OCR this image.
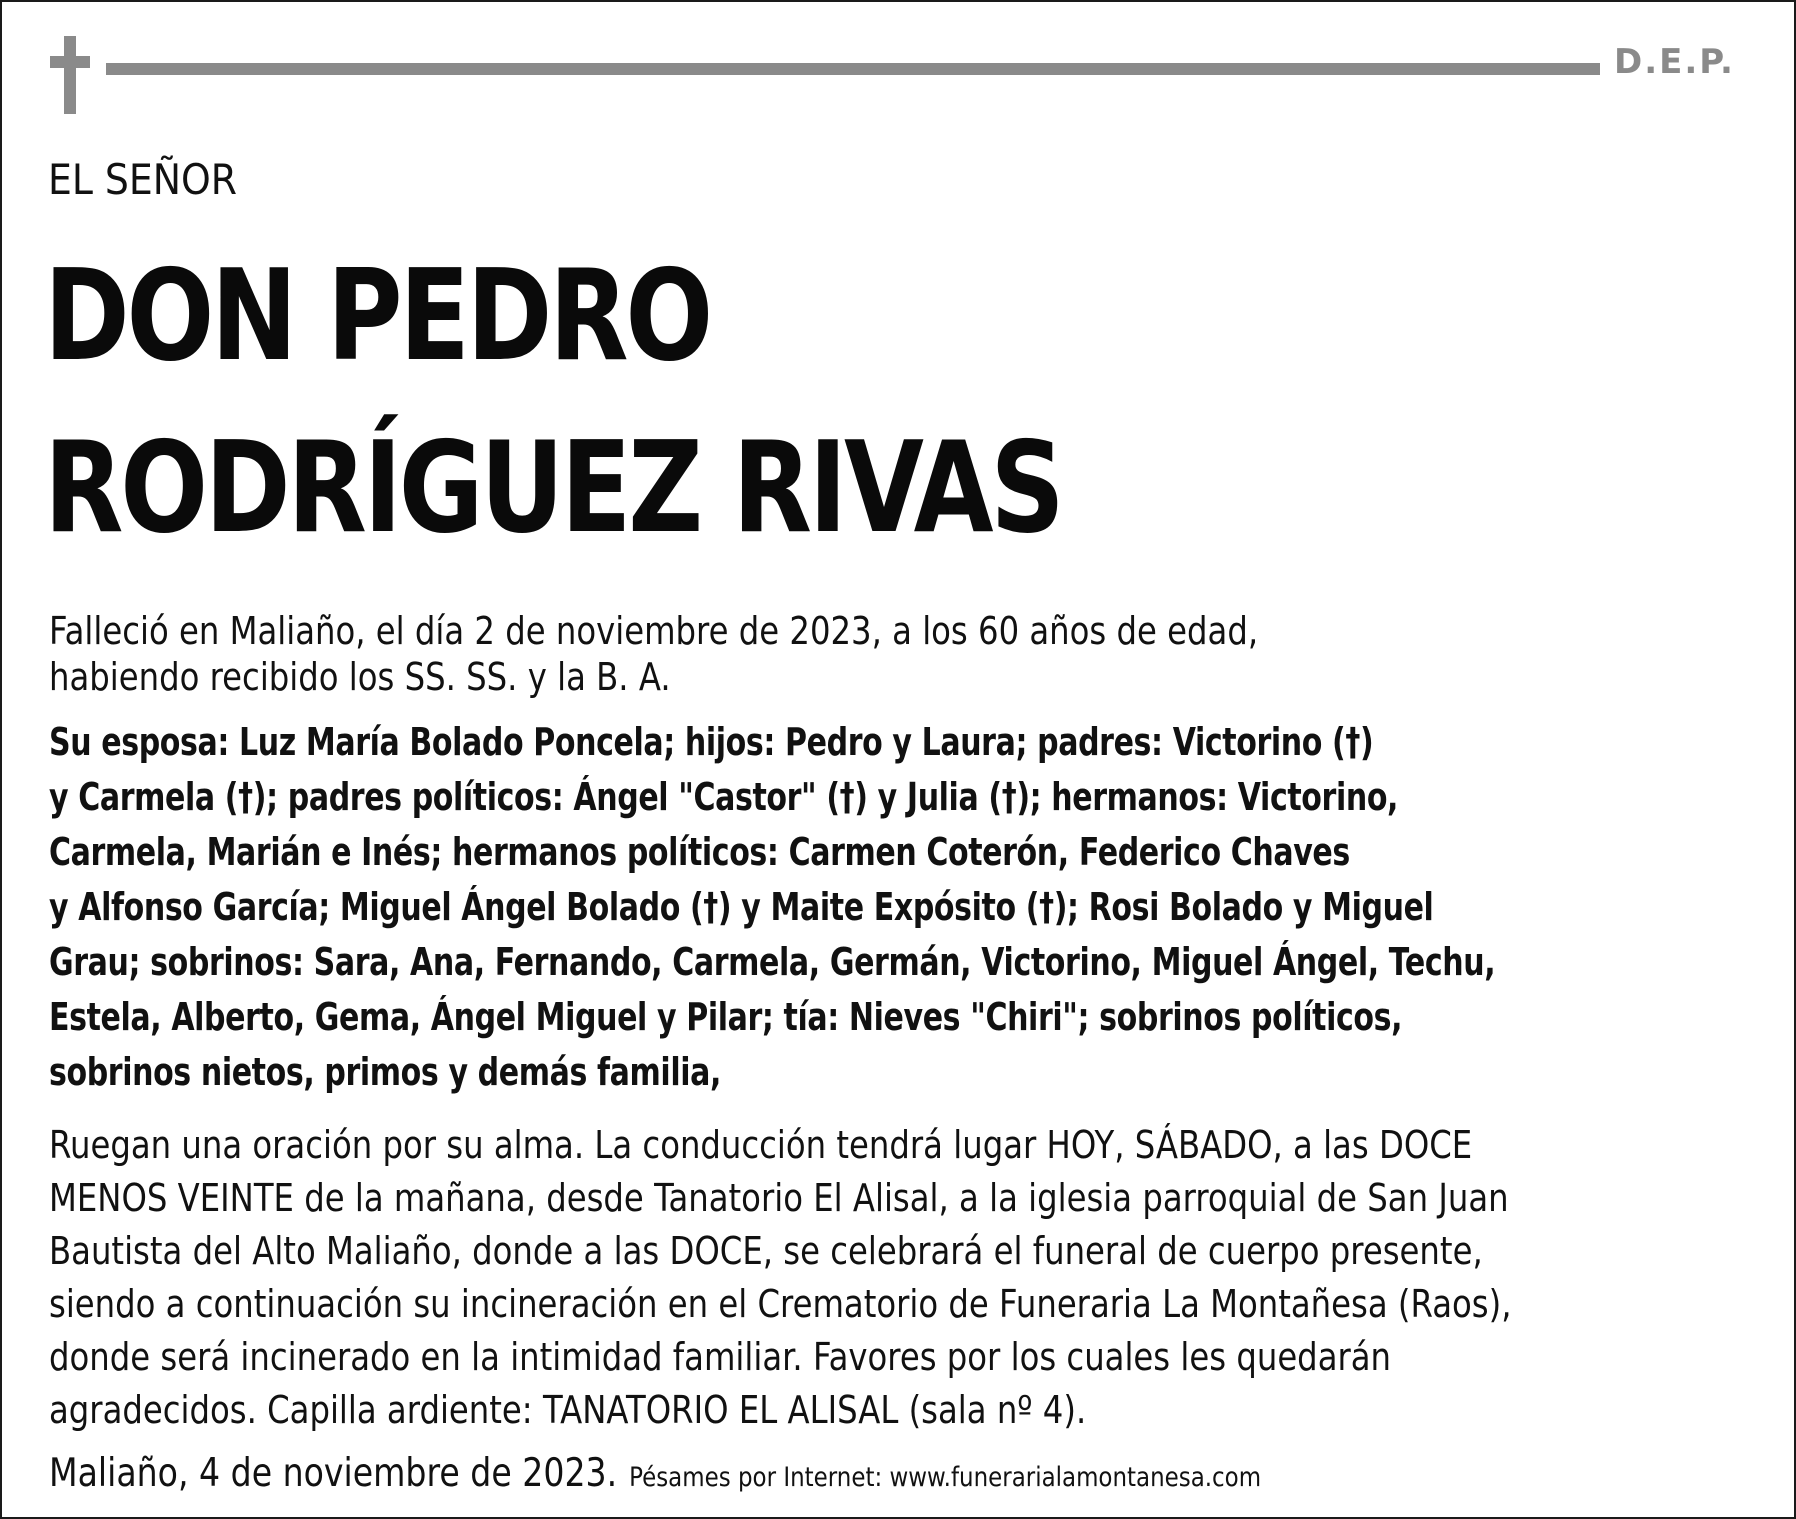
D.E.P.
EL SEÑOR
DON PEDRO
RODRÍGUEZ RIVAS
Falleció en Maliaño, el día 2 de noviembre de 2023, a los 60 años de edad,
habiendo recibido los SS. SS. y la B. A.
Su esposa: Luz María Bolado Poncela; hijos: Pedro y Laura; padres: Victorino (†)
y Carmela (†); padres políticos: Ángel "Castor" (†) y Julia (†); hermanos: Victorino,
Carmela, Marián e Inés; hermanos políticos: Carmen Coterón, Federico Chaves
y Alfonso García; Miguel Ángel Bolado (†) y Maite Expósito (†); Rosi Bolado y Miguel
Grau; sobrinos: Sara, Ana, Fernando, Carmela, Germán, Victorino, Miguel Ángel, Techu,
Estela, Alberto, Gema, Ángel Miguel y Pilar; tía: Nieves "Chiri"; sobrinos políticos,
sobrinos nietos, primos y demás familia,
Ruegan una oración por su alma. La conducción tendrá lugar HOY, SÁBADO, a las DOCE
MENOS VEINTE de la mañana, desde Tanatorio El Alisal, a la iglesia parroquial de San Juan
Bautista del Alto Maliaño, donde a las DOCE, se celebrará el funeral de cuerpo presente,
siendo a continuación su incineración en el Crematorio de Funeraria La Montañesa (Raos),
donde será incinerado en la intimidad familiar. Favores por los cuales les quedarán
agradecidos. Capilla ardiente: TANATORIO EL ALISAL (sala nº 4).
Maliaño, 4 de noviembre de 2023. Pésames por Internet: www.funerarialamontanesa.com
